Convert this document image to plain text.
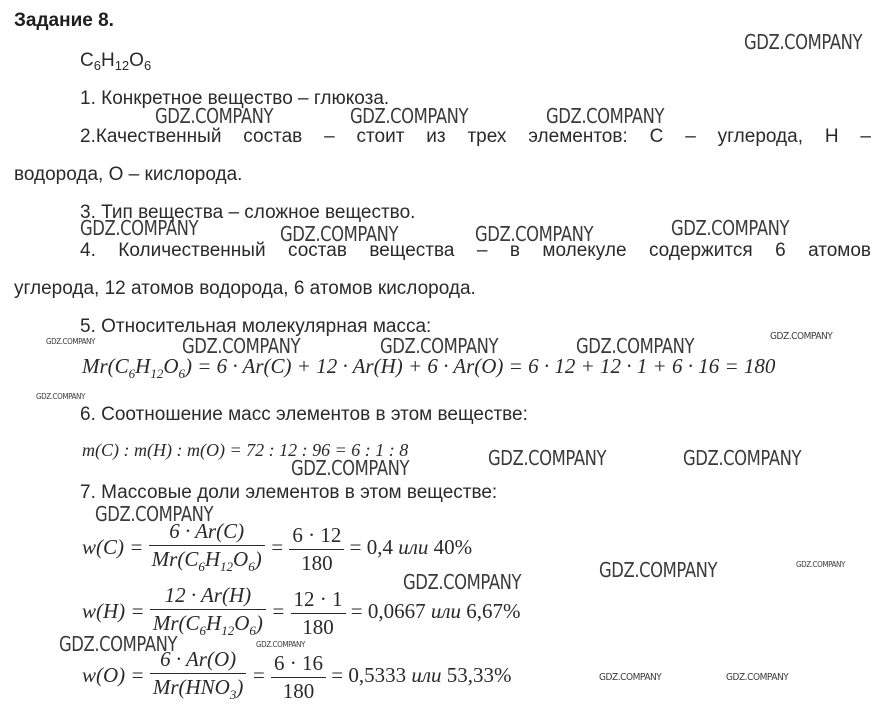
Задание 8.
$C_6H_{12}O_6$
1. Конкретное вещество – глюкоза.
2.Качественный состав – стоит из трех элементов: С – углерода, Н –
водорода, О – кислорода.
3. Тип вещества – сложное вещество.
4. Количественный состав вещества – в молекуле содержится 6 атомов
углерода, 12 атомов водорода, 6 атомов кислорода.
5. Относительная молекулярная масса:
$Mr(C_6H_{12}O_6) = 6 \cdot Ar(C) + 12 \cdot Ar(H) + 6 \cdot Ar(O) = 6 \cdot 12 + 12 \cdot 1 + 6 \cdot 16 = 180$
6. Соотношение масс элементов в этом веществе:
m(C) : m(H) : m(O) = 72 : 12 : 96 = 6 : 1 : 8
7. Массовые доли элементов в этом веществе:
$w(C) = \frac{6 \cdot Ar(C)}{Mr(C_6H_{12}O_6)} = \frac{6 \cdot 12}{180} = 0,4$ или 40%
$w(H) = \frac{12 \cdot Ar(H)}{Mr(C_6H_{12}O_6)} = \frac{12 \cdot 1}{180} = 0,0667$ или 6,67%
$w(O) = \frac{6 \cdot Ar(O)}{Mr(HNO_3)} = \frac{6 \cdot 16}{180} = 0,5333$ или 53,33%
GDZ.COMPANY
GDZ.COMPANY	GDZ.COMPANY	GDZ.COMPANY
GDZ.COMPANY	GDZ.COMPANY	GDZ.COMPANY	GDZ.COMPANY
GDZ.COMPANY	GDZ.COMPANY	GDZ.COMPANY	GDZ.COMPANY
GDZ.COMPANY
GDZ.COMPANY
GDZ.COMPANY	GDZ.COMPANY	GDZ.COMPANY
GDZ.COMPANY
GDZ.COMPANY	GDZ.COMPANY
GDZ.COMPANY
GDZ.COMPANY	GDZ.COMPANY
GDZ.COMPANY	GDZ.COMPANY
